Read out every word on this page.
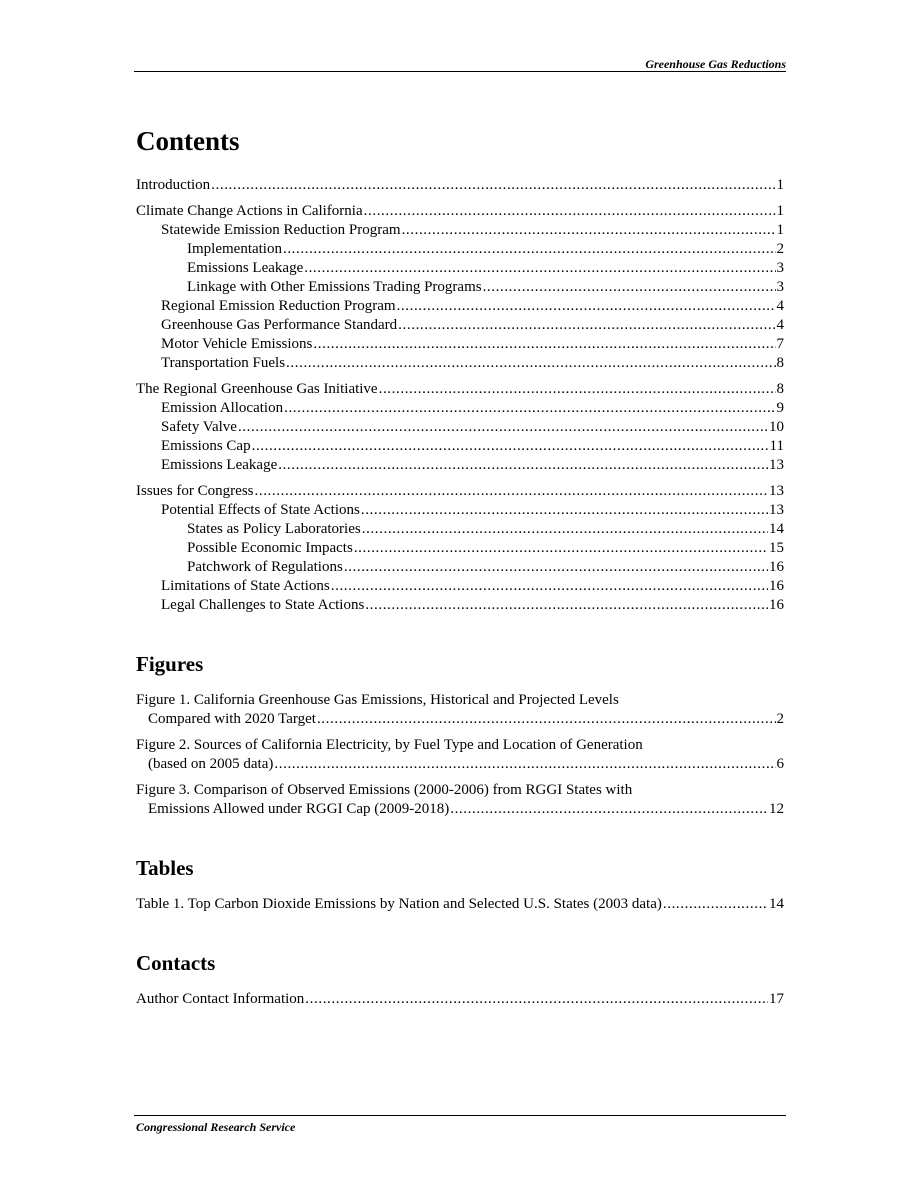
Greenhouse Gas Reductions
Contents
Introduction .....	1
Climate Change Actions in California .....	1
Statewide Emission Reduction Program .....	1
Implementation .....	2
Emissions Leakage .....	3
Linkage with Other Emissions Trading Programs .....	3
Regional Emission Reduction Program .....	4
Greenhouse Gas Performance Standard .....	4
Motor Vehicle Emissions .....	7
Transportation Fuels .....	8
The Regional Greenhouse Gas Initiative .....	8
Emission Allocation .....	9
Safety Valve .....	10
Emissions Cap .....	11
Emissions Leakage .....	13
Issues for Congress .....	13
Potential Effects of State Actions .....	13
States as Policy Laboratories .....	14
Possible Economic Impacts .....	15
Patchwork of Regulations .....	16
Limitations of State Actions .....	16
Legal Challenges to State Actions .....	16
Figures
Figure 1. California Greenhouse Gas Emissions, Historical and Projected Levels
Compared with 2020 Target .....	2
Figure 2. Sources of California Electricity, by Fuel Type and Location of Generation
(based on 2005 data) .....	6
Figure 3. Comparison of Observed Emissions (2000-2006) from RGGI States with
Emissions Allowed under RGGI Cap (2009-2018) .....	12
Tables
Table 1. Top Carbon Dioxide Emissions by Nation and Selected U.S. States (2003 data) .....	14
Contacts
Author Contact Information .....	17
Congressional Research Service
